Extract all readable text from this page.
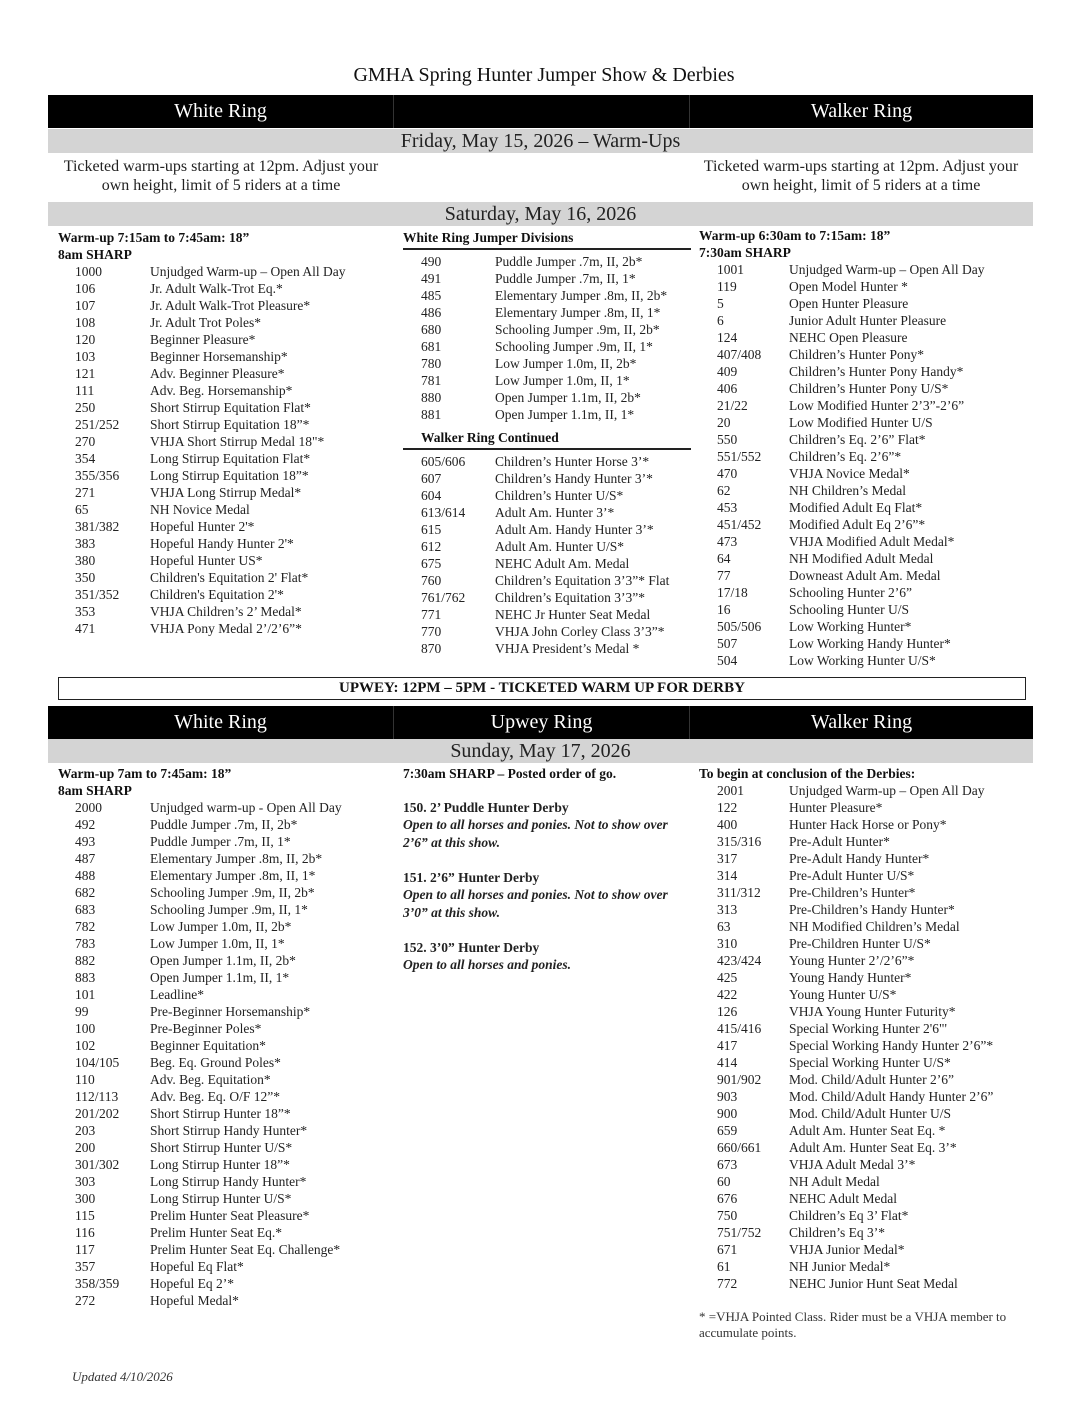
GMHA Spring Hunter Jumper Show & Derbies
White Ring	Walker Ring
Friday, May 15, 2026 – Warm-Ups
Ticketed warm-ups starting at 12pm. Adjust your own height, limit of 5 riders at a time
Ticketed warm-ups starting at 12pm. Adjust your own height, limit of 5 riders at a time
Saturday, May 16, 2026
Warm-up 7:15am to 7:45am: 18”
8am SHARP
1000	Unjudged Warm-up – Open All Day
106	Jr. Adult Walk-Trot Eq.*
107	Jr. Adult Walk-Trot Pleasure*
108	Jr. Adult Trot Poles*
120	Beginner Pleasure*
103	Beginner Horsemanship*
121	Adv. Beginner Pleasure*
111	Adv. Beg. Horsemanship*
250	Short Stirrup Equitation Flat*
251/252	Short Stirrup Equitation 18”*
270	VHJA Short Stirrup Medal 18"*
354	Long Stirrup Equitation Flat*
355/356	Long Stirrup Equitation 18”*
271	VHJA Long Stirrup Medal*
65	NH Novice Medal
381/382	Hopeful Hunter 2'*
383	Hopeful Handy Hunter 2'*
380	Hopeful Hunter US*
350	Children's Equitation 2' Flat*
351/352	Children's Equitation 2'*
353	VHJA Children’s 2’ Medal*
471	VHJA Pony Medal 2’/2’6”*
White Ring Jumper Divisions
490	Puddle Jumper .7m, II, 2b*
491	Puddle Jumper .7m, II, 1*
485	Elementary Jumper .8m, II, 2b*
486	Elementary Jumper .8m, II, 1*
680	Schooling Jumper .9m, II, 2b*
681	Schooling Jumper .9m, II, 1*
780	Low Jumper 1.0m, II, 2b*
781	Low Jumper 1.0m, II, 1*
880	Open Jumper 1.1m, II, 2b*
881	Open Jumper 1.1m, II, 1*
Walker Ring Continued
605/606	Children’s Hunter Horse 3’*
607	Children’s Handy Hunter 3’*
604	Children’s Hunter U/S*
613/614	Adult Am. Hunter 3’*
615	Adult Am. Handy Hunter 3’*
612	Adult Am. Hunter U/S*
675	NEHC Adult Am. Medal
760	Children’s Equitation 3’3”* Flat
761/762	Children’s Equitation 3’3”*
771	NEHC Jr Hunter Seat Medal
770	VHJA John Corley Class 3’3”*
870	VHJA President’s Medal *
Warm-up 6:30am to 7:15am: 18”
7:30am SHARP
1001	Unjudged Warm-up – Open All Day
119	Open Model Hunter *
5	Open Hunter Pleasure
6	Junior Adult Hunter Pleasure
124	NEHC Open Pleasure
407/408	Children’s Hunter Pony*
409	Children’s Hunter Pony Handy*
406	Children’s Hunter Pony U/S*
21/22	Low Modified Hunter 2’3”-2’6”
20	Low Modified Hunter U/S
550	Children’s Eq. 2’6” Flat*
551/552	Children’s Eq. 2’6”*
470	VHJA Novice Medal*
62	NH Children’s Medal
453	Modified Adult Eq Flat*
451/452	Modified Adult Eq 2’6”*
473	VHJA Modified Adult Medal*
64	NH Modified Adult Medal
77	Downeast Adult Am. Medal
17/18	Schooling Hunter 2’6”
16	Schooling Hunter U/S
505/506	Low Working Hunter*
507	Low Working Handy Hunter*
504	Low Working Hunter U/S*
UPWEY: 12PM – 5PM - TICKETED WARM UP FOR DERBY
White Ring	Upwey Ring	Walker Ring
Sunday, May 17, 2026
Warm-up 7am to 7:45am: 18”
8am SHARP
2000	Unjudged warm-up - Open All Day
492	Puddle Jumper .7m, II, 2b*
493	Puddle Jumper .7m, II, 1*
487	Elementary Jumper .8m, II, 2b*
488	Elementary Jumper .8m, II, 1*
682	Schooling Jumper .9m, II, 2b*
683	Schooling Jumper .9m, II, 1*
782	Low Jumper 1.0m, II, 2b*
783	Low Jumper 1.0m, II, 1*
882	Open Jumper 1.1m, II, 2b*
883	Open Jumper 1.1m, II, 1*
101	Leadline*
99	Pre-Beginner Horsemanship*
100	Pre-Beginner Poles*
102	Beginner Equitation*
104/105	Beg. Eq. Ground Poles*
110	Adv. Beg. Equitation*
112/113	Adv. Beg. Eq. O/F 12”*
201/202	Short Stirrup Hunter 18”*
203	Short Stirrup Handy Hunter*
200	Short Stirrup Hunter U/S*
301/302	Long Stirrup Hunter 18”*
303	Long Stirrup Handy Hunter*
300	Long Stirrup Hunter U/S*
115	Prelim Hunter Seat Pleasure*
116	Prelim Hunter Seat Eq.*
117	Prelim Hunter Seat Eq. Challenge*
357	Hopeful Eq Flat*
358/359	Hopeful Eq 2’*
272	Hopeful Medal*
7:30am SHARP – Posted order of go.
150. 2’ Puddle Hunter Derby
Open to all horses and ponies. Not to show over 2’6” at this show.
151. 2’6” Hunter Derby
Open to all horses and ponies. Not to show over 3’0” at this show.
152. 3’0” Hunter Derby
Open to all horses and ponies.
To begin at conclusion of the Derbies:
2001	Unjudged Warm-up – Open All Day
122	Hunter Pleasure*
400	Hunter Hack Horse or Pony*
315/316	Pre-Adult Hunter*
317	Pre-Adult Handy Hunter*
314	Pre-Adult Hunter U/S*
311/312	Pre-Children’s Hunter*
313	Pre-Children’s Handy Hunter*
63	NH Modified Children’s Medal
310	Pre-Children Hunter U/S*
423/424	Young Hunter 2’/2’6”*
425	Young Handy Hunter*
422	Young Hunter U/S*
126	VHJA Young Hunter Futurity*
415/416	Special Working Hunter 2'6"'
417	Special Working Handy Hunter 2’6”*
414	Special Working Hunter U/S*
901/902	Mod. Child/Adult Hunter 2’6”
903	Mod. Child/Adult Handy Hunter 2’6”
900	Mod. Child/Adult Hunter U/S
659	Adult Am. Hunter Seat Eq. *
660/661	Adult Am. Hunter Seat Eq. 3’*
673	VHJA Adult Medal 3’*
60	NH Adult Medal
676	NEHC Adult Medal
750	Children’s Eq 3’ Flat*
751/752	Children’s Eq 3’*
671	VHJA Junior Medal*
61	NH Junior Medal*
772	NEHC Junior Hunt Seat Medal
* =VHJA Pointed Class. Rider must be a VHJA member to accumulate points.
Updated 4/10/2026
